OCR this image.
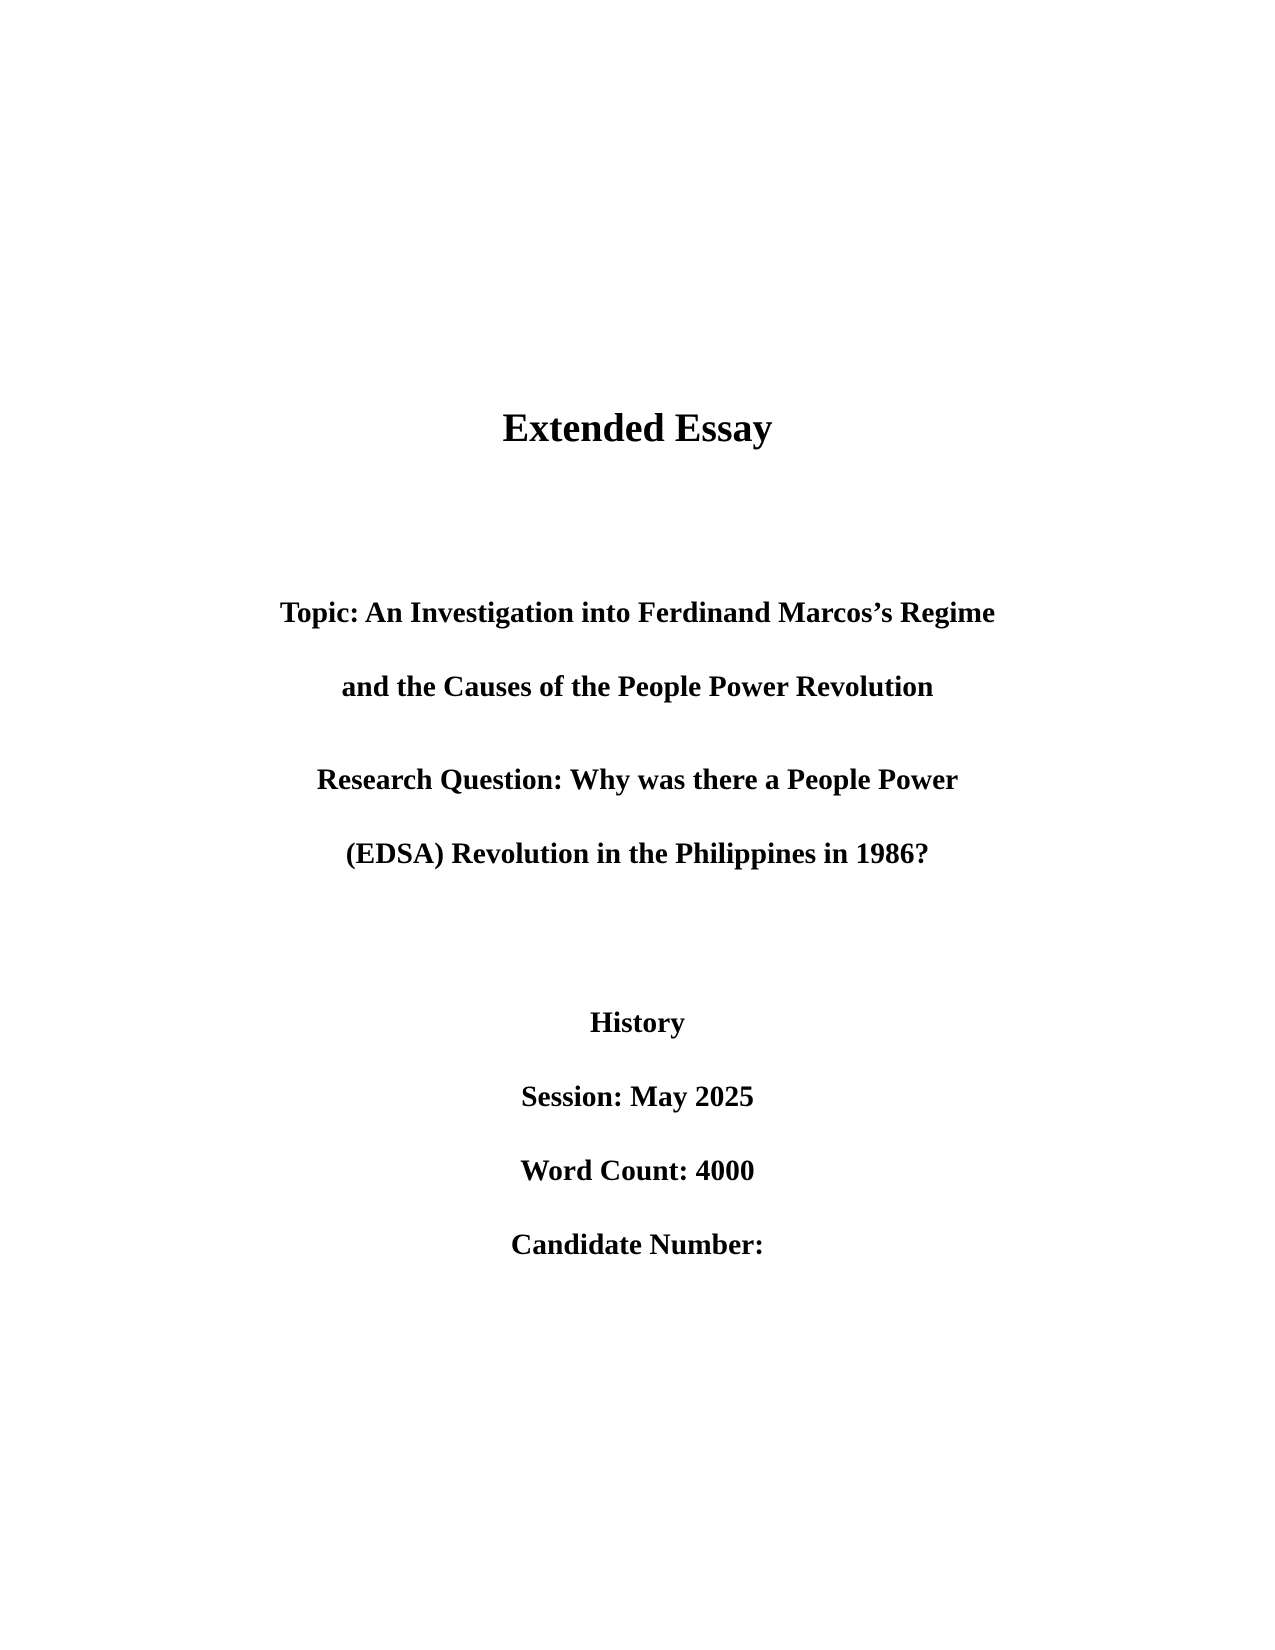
Extended Essay
Topic: An Investigation into Ferdinand Marcos’s Regime
and the Causes of the People Power Revolution
Research Question: Why was there a People Power
(EDSA) Revolution in the Philippines in 1986?
History
Session: May 2025
Word Count: 4000
Candidate Number:
